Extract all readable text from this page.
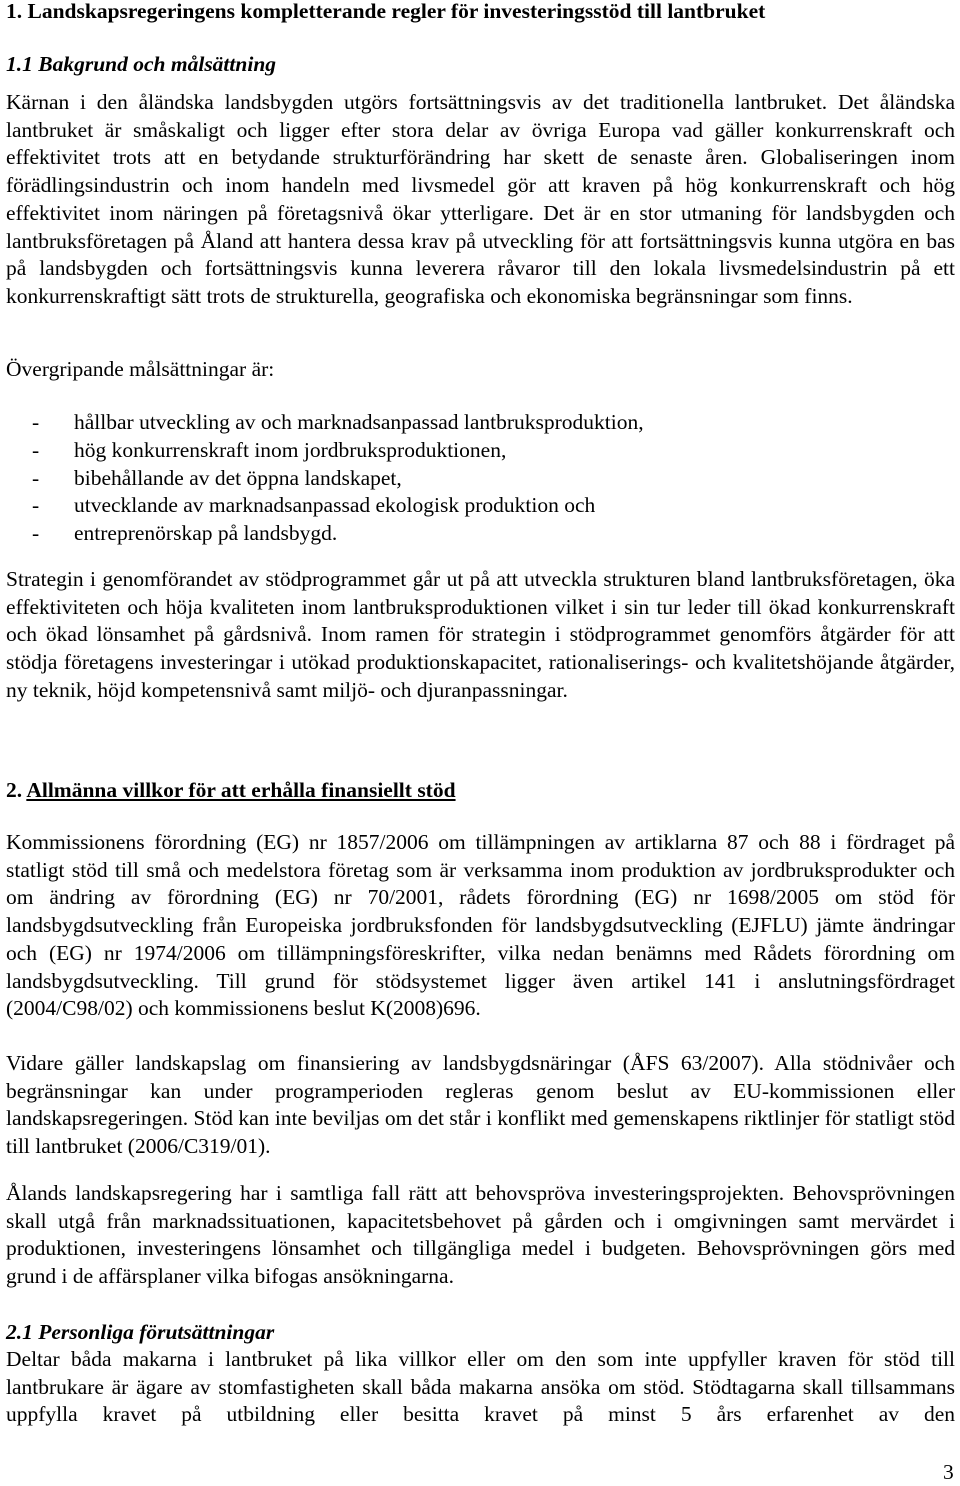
1. Landskapsregeringens kompletterande regler för investeringsstöd till lantbruket
1.1 Bakgrund och målsättning

Kärnan i den åländska landsbygden utgörs fortsättningsvis av det traditionella lantbruket. Det åländska lantbruket är småskaligt och ligger efter stora delar av övriga Europa vad gäller konkurrenskraft och effektivitet trots att en betydande strukturförändring har skett de senaste åren. Globaliseringen inom förädlingsindustrin och inom handeln med livsmedel gör att kraven på hög konkurrenskraft och hög effektivitet inom näringen på företagsnivå ökar ytterligare. Det är en stor utmaning för landsbygden och lantbruksföretagen på Åland att hantera dessa krav på utveckling för att fortsättningsvis kunna utgöra en bas på landsbygden och fortsättningsvis kunna leverera råvaror till den lokala livsmedelsindustrin på ett konkurrenskraftigt sätt trots de strukturella, geografiska och ekonomiska begränsningar som finns.

Övergripande målsättningar är:

- hållbar utveckling av och marknadsanpassad lantbruksproduktion,
- hög konkurrenskraft inom jordbruksproduktionen,
- bibehållande av det öppna landskapet,
- utvecklande av marknadsanpassad ekologisk produktion och
- entreprenörskap på landsbygd.

Strategin i genomförandet av stödprogrammet går ut på att utveckla strukturen bland lantbruksföretagen, öka effektiviteten och höja kvaliteten inom lantbruksproduktionen vilket i sin tur leder till ökad konkurrenskraft och ökad lönsamhet på gårdsnivå. Inom ramen för strategin i stödprogrammet genomförs åtgärder för att stödja företagens investeringar i utökad produktionskapacitet, rationaliserings- och kvalitetshöjande åtgärder, ny teknik, höjd kompetensnivå samt miljö- och djuranpassningar.

2. Allmänna villkor för att erhålla finansiellt stöd

Kommissionens förordning (EG) nr 1857/2006 om tillämpningen av artiklarna 87 och 88 i fördraget på statligt stöd till små och medelstora företag som är verksamma inom produktion av jordbruksprodukter och om ändring av förordning (EG) nr 70/2001, rådets förordning (EG) nr 1698/2005 om stöd för landsbygdsutveckling från Europeiska jordbruksfonden för landsbygdsutveckling (EJFLU) jämte ändringar och (EG) nr 1974/2006 om tillämpningsföreskrifter, vilka nedan benämns med Rådets förordning om landsbygdsutveckling. Till grund för stödsystemet ligger även artikel 141 i anslutningsfördraget (2004/C98/02) och kommissionens beslut K(2008)696.

Vidare gäller landskapslag om finansiering av landsbygdsnäringar (ÅFS 63/2007). Alla stödnivåer och begränsningar kan under programperioden regleras genom beslut av EU-kommissionen eller landskapsregeringen. Stöd kan inte beviljas om det står i konflikt med gemenskapens riktlinjer för statligt stöd till lantbruket (2006/C319/01).

Ålands landskapsregering har i samtliga fall rätt att behovspröva investeringsprojekten. Behovsprövningen skall utgå från marknadssituationen, kapacitetsbehovet på gården och i omgivningen samt mervärdet i produktionen, investeringens lönsamhet och tillgängliga medel i budgeten. Behovsprövningen görs med grund i de affärsplaner vilka bifogas ansökningarna.

2.1 Personliga förutsättningar

Deltar båda makarna i lantbruket på lika villkor eller om den som inte uppfyller kraven för stöd till lantbrukare är ägare av stomfastigheten skall båda makarna ansöka om stöd. Stödtagarna skall tillsammans uppfylla kravet på utbildning eller besitta kravet på minst 5 års erfarenhet av den

3
